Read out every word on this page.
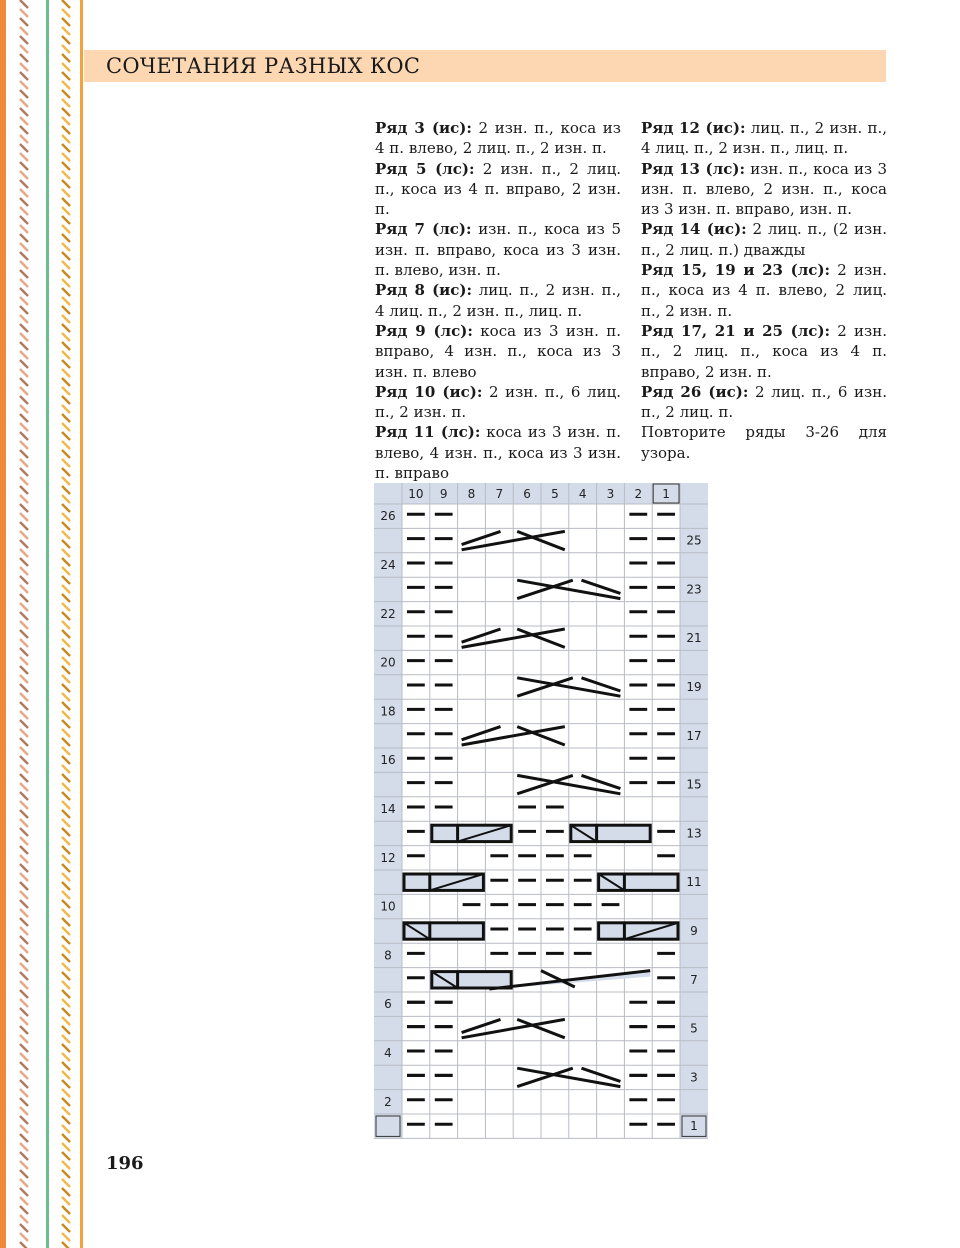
СОЧЕТАНИЯ РАЗНЫХ КОС

Ряд 3 (ис): 2 изн. п., коса из 4 п. влево, 2 лиц. п., 2 изн. п.

Ряд 5 (лс): 2 изн. п., 2 лиц. п., коса из 4 п. вправо, 2 изн. п.

Ряд 7 (лс): изн. п., коса из 5 изн. п. вправо, коса из 3 изн. п. влево, изн. п.

Ряд 8 (ис): лиц. п., 2 изн. п., 4 лиц. п., 2 изн. п., лиц. п.

Ряд 9 (лс): коса из 3 изн. п. вправо, 4 изн. п., коса из 3 изн. п. влево

Ряд 10 (ис): 2 изн. п., 6 лиц. п., 2 изн. п.

Ряд 11 (лс): коса из 3 изн. п. влево, 4 изн. п., коса из 3 изн. п. вправо

Ряд 12 (ис): лиц. п., 2 изн. п., 4 лиц. п., 2 изн. п., лиц. п.

Ряд 13 (лс): изн. п., коса из 3 изн. п. влево, 2 изн. п., коса из 3 изн. п. вправо, изн. п.

Ряд 14 (ис): 2 лиц. п., (2 изн. п., 2 лиц. п.) дважды

Ряд 15, 19 и 23 (лс): 2 изн. п., коса из 4 п. влево, 2 лиц. п., 2 изн. п.

Ряд 17, 21 и 25 (лс): 2 изн. п., 2 лиц. п., коса из 4 п. вправо, 2 изн. п.

Ряд 26 (ис): 2 лиц. п., 6 изн. п., 2 лиц. п.

Повторите ряды 3-26 для узора.

10 9 8 7 6 5 4 3 2 1
26
24
22
20
18
16
14
12
10
8
6
4
2
25
23
21
19
17
15
13
11
9
7
5
3
1
196
